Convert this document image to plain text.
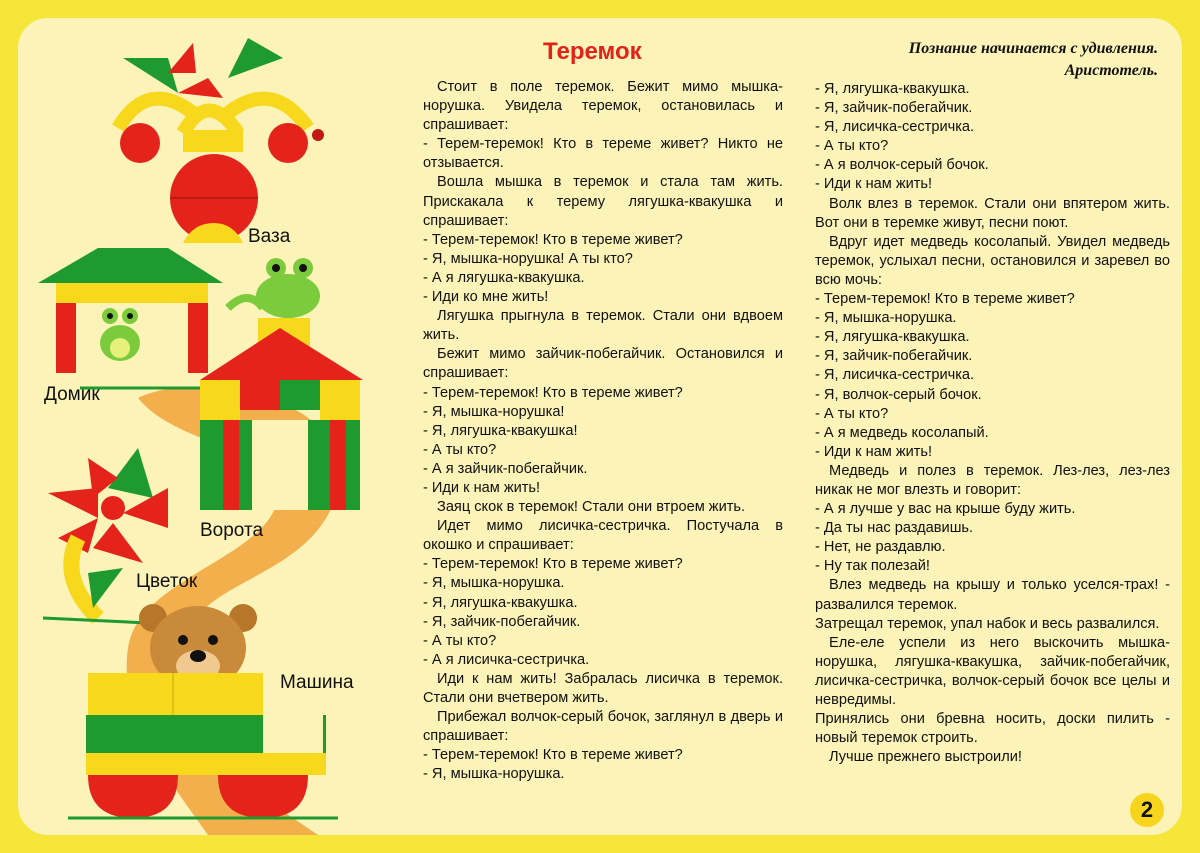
Ваза
Домик
Ворота
Цветок
Машина
Теремок	Познание начинается с удивления.
Аристотель.

Стоит в поле теремок. Бежит мимо мышка-норушка. Увидела теремок, остановилась и спрашивает:

- Терем-теремок! Кто в тереме живет? Никто не отзывается.

Вошла мышка в теремок и стала там жить. Прискакала к терему лягушка-квакушка и спрашивает:

- Терем-теремок! Кто в тереме живет?

- Я, мышка-норушка! А ты кто?

- А я лягушка-квакушка.

- Иди ко мне жить!

Лягушка прыгнула в теремок. Стали они вдвоем жить.

Бежит мимо зайчик-побегайчик. Остановился и спрашивает:

- Терем-теремок! Кто в тереме живет?

- Я, мышка-норушка!

- Я, лягушка-квакушка!

- А ты кто?

- А я зайчик-побегайчик.

- Иди к нам жить!

Заяц скок в теремок! Стали они втроем жить.

Идет мимо лисичка-сестричка. Постучала в окошко и спрашивает:

- Терем-теремок! Кто в тереме живет?

- Я, мышка-норушка.

- Я, лягушка-квакушка.

- Я, зайчик-побегайчик.

- А ты кто?

- А я лисичка-сестричка.

Иди к нам жить! Забралась лисичка в теремок. Стали они вчетвером жить.

Прибежал волчок-серый бочок, заглянул в дверь и спрашивает:

- Терем-теремок! Кто в тереме живет?

- Я, мышка-норушка.

- Я, лягушка-квакушка.

- Я, зайчик-побегайчик.

- Я, лисичка-сестричка.

- А ты кто?

- А я волчок-серый бочок.

- Иди к нам жить!

Волк влез в теремок. Стали они впятером жить. Вот они в теремке живут, песни поют.

Вдруг идет медведь косолапый. Увидел медведь теремок, услыхал песни, остановился и заревел во всю мочь:

- Терем-теремок! Кто в тереме живет?

- Я, мышка-норушка.

- Я, лягушка-квакушка.

- Я, зайчик-побегайчик.

- Я, лисичка-сестричка.

- Я, волчок-серый бочок.

- А ты кто?

- А я медведь косолапый.

- Иди к нам жить!

Медведь и полез в теремок. Лез-лез, лез-лез никак не мог влезть и говорит:

- А я лучше у вас на крыше буду жить.

- Да ты нас раздавишь.

- Нет, не раздавлю.

- Ну так полезай!

Влез медведь на крышу и только уселся-трах! - развалился теремок.

Затрещал теремок, упал набок и весь развалился.

Еле-еле успели из него выскочить мышка-норушка, лягушка-квакушка, зайчик-побегайчик, лисичка-сестричка, волчок-серый бочок все целы и невредимы.

Принялись они бревна носить, доски пилить - новый теремок строить.

Лучше прежнего выстроили!

2
